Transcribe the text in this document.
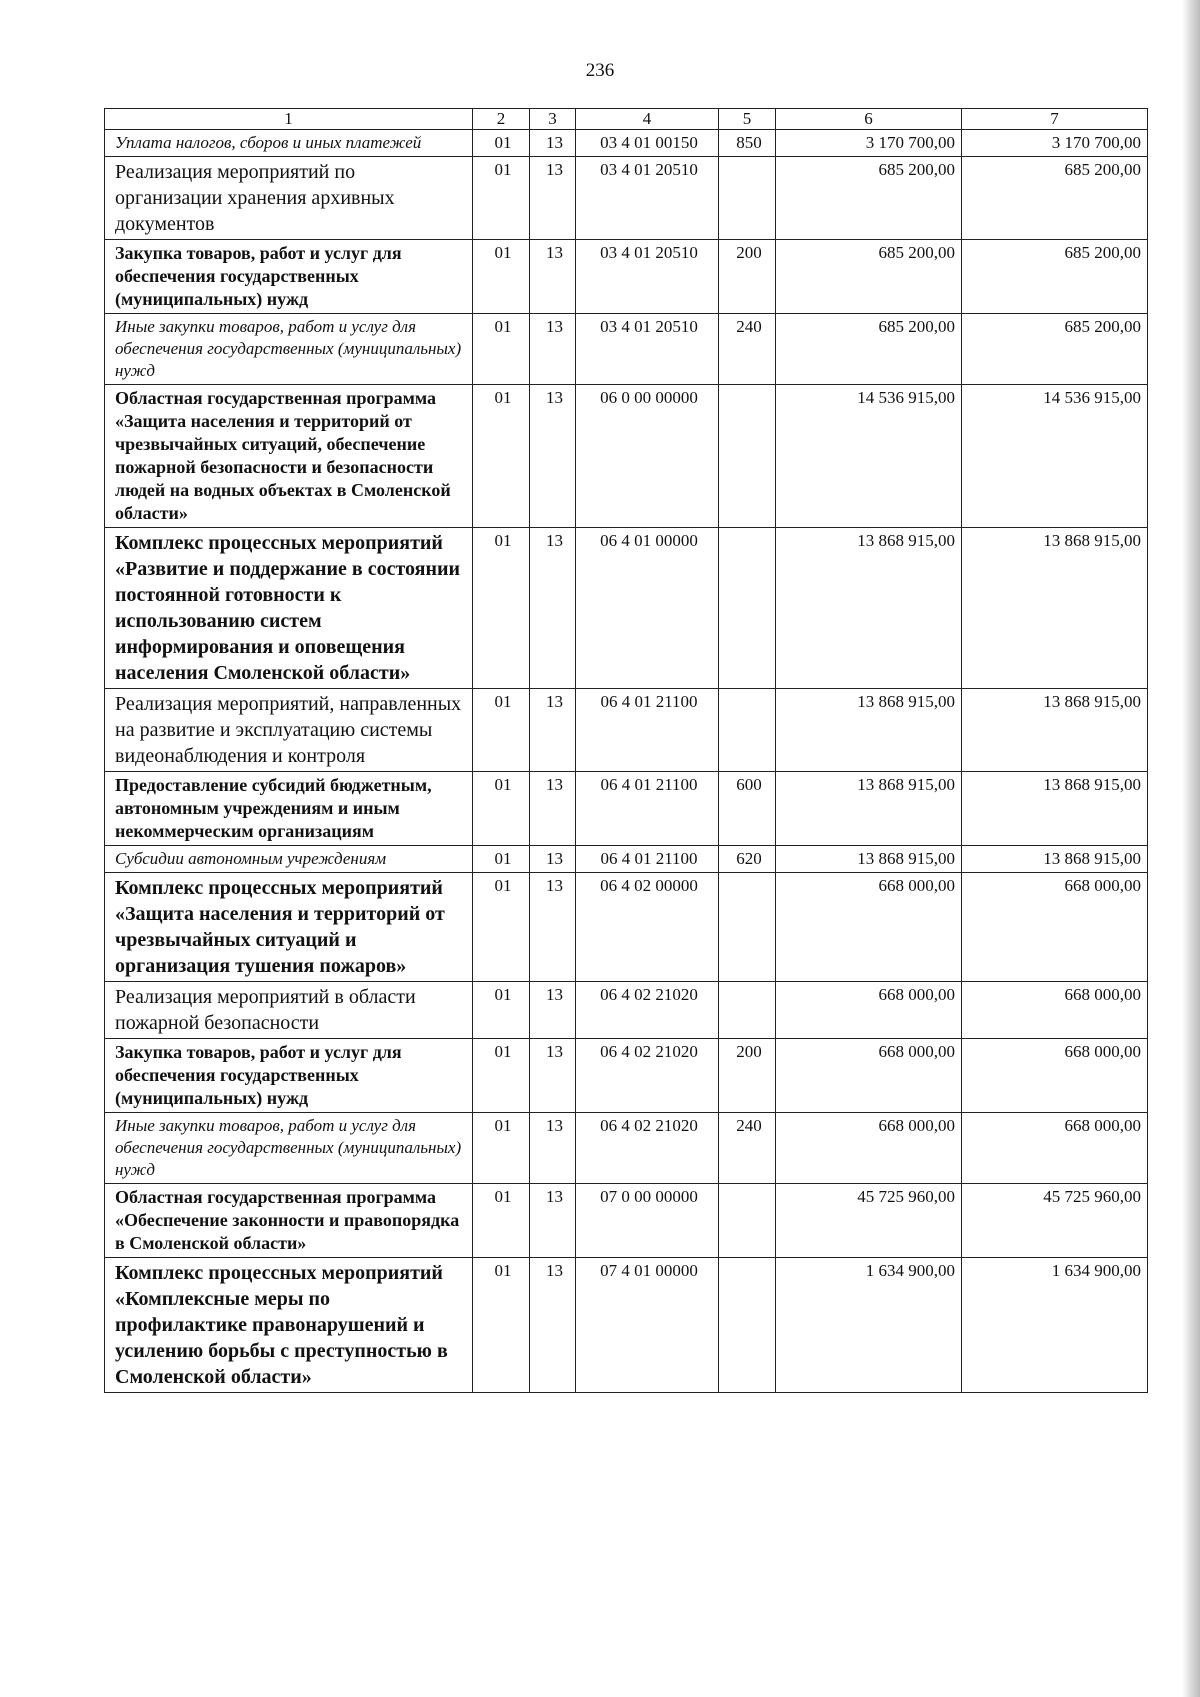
236
1	2	3	4	5	6	7
Уплата налогов, сборов и иных платежей	01	13	03 4 01 00150	850	3 170 700,00	3 170 700,00
Реализация мероприятий по организации хранения архивных документов	01	13	03 4 01 20510		685 200,00	685 200,00
Закупка товаров, работ и услуг для обеспечения государственных (муниципальных) нужд	01	13	03 4 01 20510	200	685 200,00	685 200,00
Иные закупки товаров, работ и услуг для обеспечения государственных (муниципальных) нужд	01	13	03 4 01 20510	240	685 200,00	685 200,00
Областная государственная программа «Защита населения и территорий от чрезвычайных ситуаций, обеспечение пожарной безопасности и безопасности людей на водных объектах в Смоленской области»	01	13	06 0 00 00000		14 536 915,00	14 536 915,00
Комплекс процессных мероприятий «Развитие и поддержание в состоянии постоянной готовности к использованию систем информирования и оповещения населения Смоленской области»	01	13	06 4 01 00000		13 868 915,00	13 868 915,00
Реализация мероприятий, направленных на развитие и эксплуатацию системы видеонаблюдения и контроля	01	13	06 4 01 21100		13 868 915,00	13 868 915,00
Предоставление субсидий бюджетным, автономным учреждениям и иным некоммерческим организациям	01	13	06 4 01 21100	600	13 868 915,00	13 868 915,00
Субсидии автономным учреждениям	01	13	06 4 01 21100	620	13 868 915,00	13 868 915,00
Комплекс процессных мероприятий «Защита населения и территорий от чрезвычайных ситуаций и организация тушения пожаров»	01	13	06 4 02 00000		668 000,00	668 000,00
Реализация мероприятий в области пожарной безопасности	01	13	06 4 02 21020		668 000,00	668 000,00
Закупка товаров, работ и услуг для обеспечения государственных (муниципальных) нужд	01	13	06 4 02 21020	200	668 000,00	668 000,00
Иные закупки товаров, работ и услуг для обеспечения государственных (муниципальных) нужд	01	13	06 4 02 21020	240	668 000,00	668 000,00
Областная государственная программа «Обеспечение законности и правопорядка в Смоленской области»	01	13	07 0 00 00000		45 725 960,00	45 725 960,00
Комплекс процессных мероприятий «Комплексные меры по профилактике правонарушений и усилению борьбы с преступностью в Смоленской области»	01	13	07 4 01 00000		1 634 900,00	1 634 900,00
